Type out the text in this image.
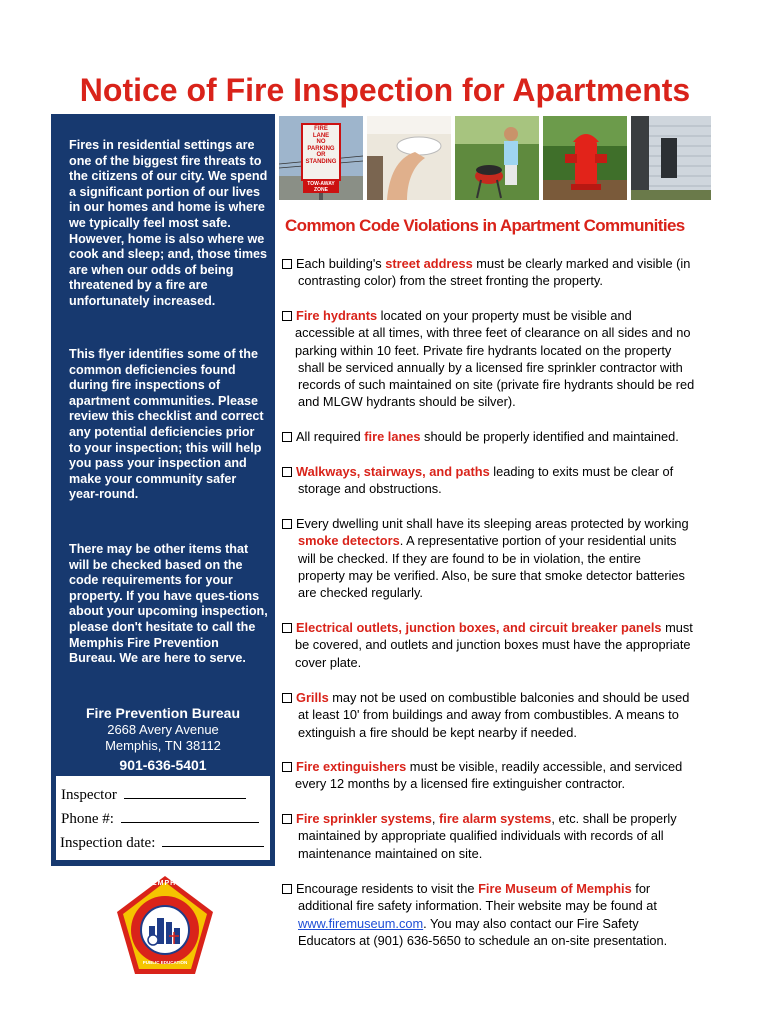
Notice of Fire Inspection for Apartments

Fires in residential settings are one of the biggest fire threats to the citizens of our city. We spend a significant portion of our lives in our homes and home is where we typically feel most safe. However, home is also where we cook and sleep; and, those times are when our odds of being threatened by a fire are unfortunately increased.

This flyer identifies some of the common deficiencies found during fire inspections of apartment communities. Please review this checklist and correct any potential deficiencies prior to your inspection; this will help you pass your inspection and make your community safer year-round.

There may be other items that will be checked based on the code requirements for your property. If you have ques-tions about your upcoming inspection, please don't hesitate to call the Memphis Fire Prevention Bureau. We are here to serve.

Fire Prevention Bureau
2668 Avery Avenue
Memphis, TN 38112
901-636-5401
Inspector
Phone #:
Inspection date:
FIRE
LANE
NO
PARKING
OR
STANDING
TOW-AWAY
ZONE
Common Code Violations in Apartment Communities

Each building's street address must be clearly marked and visible (in
contrasting color) from the street fronting the property.

Fire hydrants located on your property must be visible and
accessible at all times, with three feet of clearance on all sides and no
parking within 10 feet. Private fire hydrants located on the property
shall be serviced annually by a licensed fire sprinkler contractor with
records of such maintained on site (private fire hydrants should be red
and MLGW hydrants should be silver).

All required fire lanes should be properly identified and maintained.

Walkways, stairways, and paths leading to exits must be clear of
storage and obstructions.

Every dwelling unit shall have its sleeping areas protected by working
smoke detectors. A representative portion of your residential units
will be checked. If they are found to be in violation, the entire
property may be verified. Also, be sure that smoke detector batteries
are checked regularly.

Electrical outlets, junction boxes, and circuit breaker panels must
be covered, and outlets and junction boxes must have the appropriate
cover plate.

Grills may not be used on combustible balconies and should be used
at least 10' from buildings and away from combustibles. A means to
extinguish a fire should be kept nearby if needed.

Fire extinguishers must be visible, readily accessible, and serviced
every 12 months by a licensed fire extinguisher contractor.

Fire sprinkler systems, fire alarm systems, etc. shall be properly
maintained by appropriate qualified individuals with records of all
maintenance maintained on site.

Encourage residents to visit the Fire Museum of Memphis for
additional fire safety information. Their website may be found at
www.firemuseum.com. You may also contact our Fire Safety
Educators at (901) 636-5650 to schedule an on-site presentation.

MEMPHIS
PUBLIC EDUCATION
